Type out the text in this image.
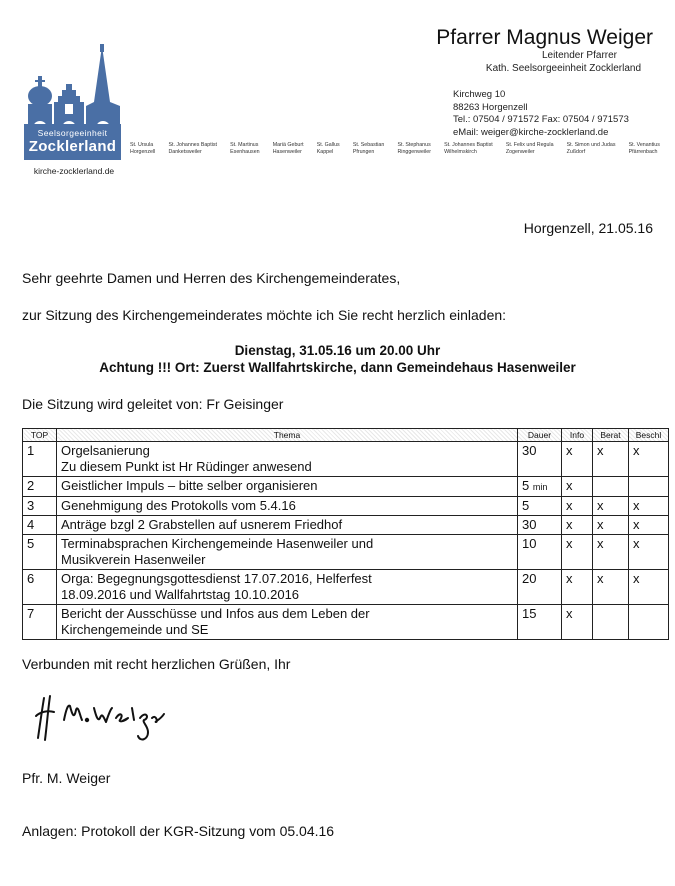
Seelsorgeeinheit
Zocklerland
kirche-zocklerland.de
Pfarrer Magnus Weiger
Leitender Pfarrer
Kath. Seelsorgeeinheit Zocklerland
Kirchweg 10
88263 Horgenzell
Tel.: 07504 / 971572 Fax: 07504 / 971573
eMail: weiger@kirche-zocklerland.de
St. Ursula
Horgenzell
St. Johannes Baptist
Danketsweiler
St. Martinus
Esenhausen
Mariä Geburt
Hasenweiler
St. Gallus
Kappel
St. Sebastian
Pfrungen
St. Stephanus
Ringgenweiler
St. Johannes Baptist
Wilhelmskirch
St. Felix und Regula
Zogenweiler
St. Simon und Judas
Zußdorf
St. Venantius
Pfärrenbach
Horgenzell, 21.05.16
Sehr geehrte Damen und Herren des Kirchengemeinderates,
zur Sitzung des Kirchengemeinderates möchte ich Sie recht herzlich einladen:
Dienstag, 31.05.16 um 20.00 Uhr
Achtung !!! Ort: Zuerst Wallfahrtskirche, dann Gemeindehaus Hasenweiler
Die Sitzung wird geleitet von: Fr Geisinger
TOP	Thema	Dauer	Info	Berat	Beschl
1	Orgelsanierung
Zu diesem Punkt ist Hr Rüdinger anwesend	30	x	x	x
2	Geistlicher Impuls – bitte selber organisieren	5 min	x		
3	Genehmigung des Protokolls vom 5.4.16	5	x	x	x
4	Anträge bzgl 2 Grabstellen auf usnerem Friedhof	30	x	x	x
5	Terminabsprachen Kirchengemeinde Hasenweiler und
Musikverein Hasenweiler	10	x	x	x
6	Orga: Begegnungsgottesdienst 17.07.2016, Helferfest
18.09.2016 und Wallfahrtstag 10.10.2016	20	x	x	x
7	Bericht der Ausschüsse und Infos aus dem Leben der
Kirchengemeinde und SE	15	x		
Verbunden mit recht herzlichen Grüßen, Ihr
Pfr. M. Weiger
Anlagen: Protokoll der KGR-Sitzung vom 05.04.16
